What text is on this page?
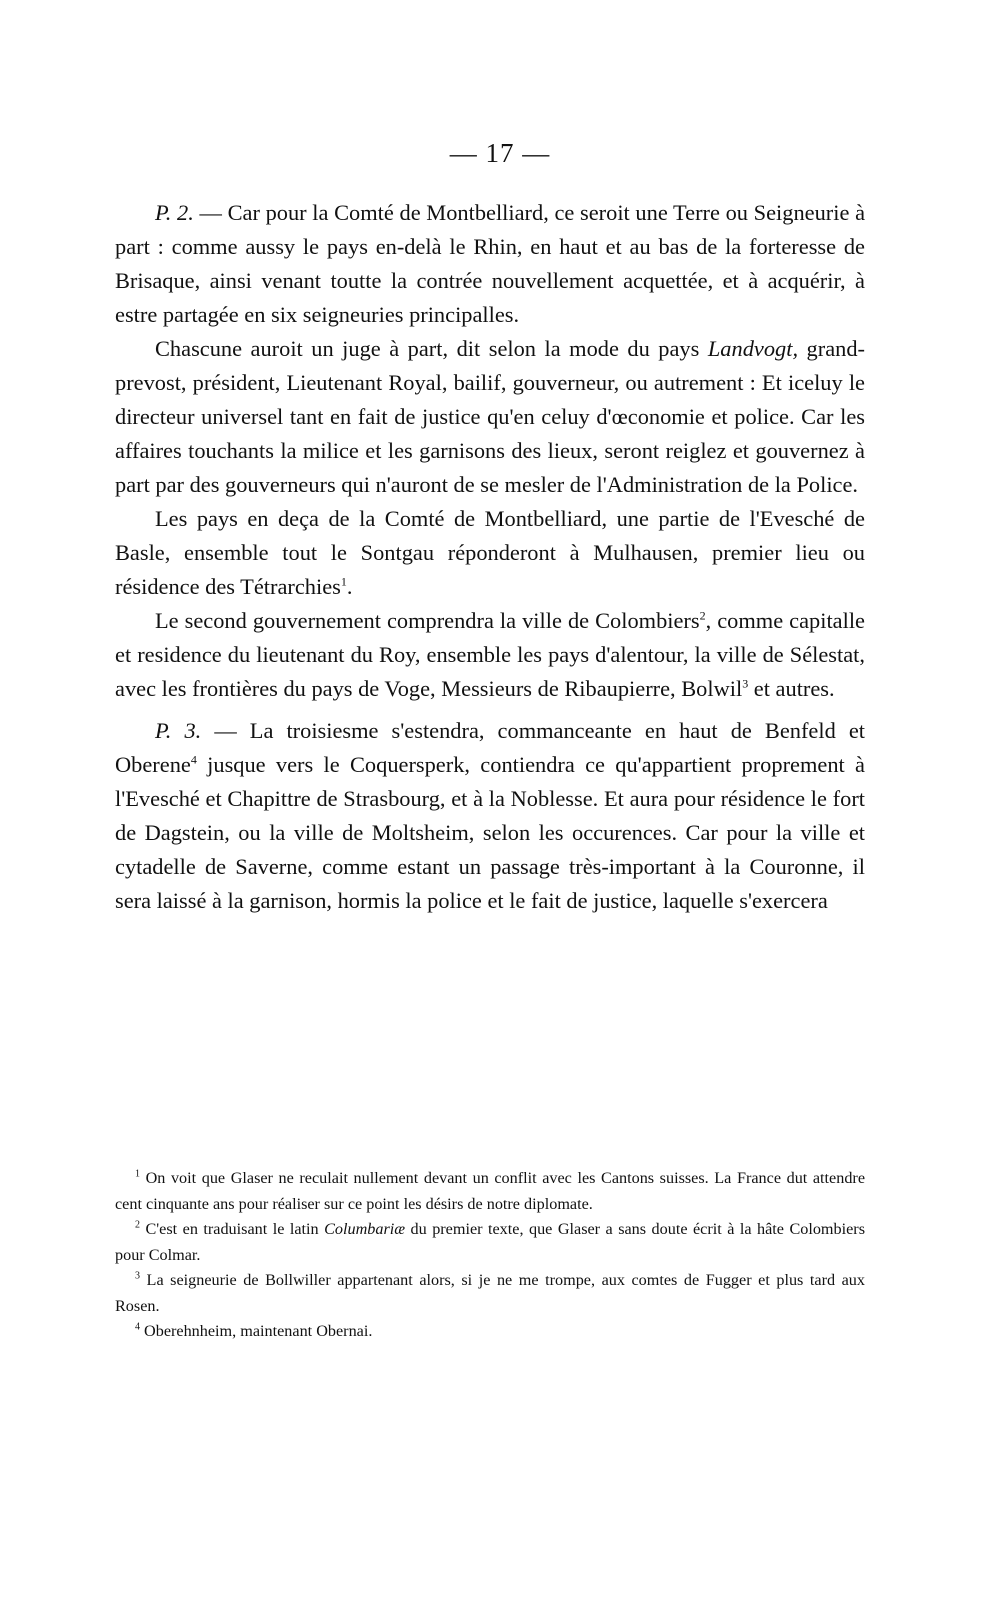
— 17 —

P. 2. — Car pour la Comté de Montbelliard, ce seroit une Terre ou Seigneurie à part : comme aussy le pays en-delà le Rhin, en haut et au bas de la forteresse de Brisaque, ainsi venant toutte la contrée nouvellement acquettée, et à acquérir, à estre partagée en six seigneuries principalles.

Chascune auroit un juge à part, dit selon la mode du pays Landvogt, grand-prevost, président, Lieutenant Royal, bailif, gouverneur, ou autrement : Et iceluy le directeur universel tant en fait de justice qu'en celuy d'œconomie et police. Car les affaires touchants la milice et les garnisons des lieux, seront reiglez et gouvernez à part par des gouverneurs qui n'auront de se mesler de l'Administration de la Police.

Les pays en deça de la Comté de Montbelliard, une partie de l'Evesché de Basle, ensemble tout le Sontgau réponderont à Mulhausen, premier lieu ou résidence des Tétrarchies$^1$.

Le second gouvernement comprendra la ville de Colombiers$^2$, comme capitalle et residence du lieutenant du Roy, ensemble les pays d'alentour, la ville de Sélestat, avec les frontières du pays de Voge, Messieurs de Ribaupierre, Bolwil$^3$ et autres.

P. 3. — La troisiesme s'estendra, commanceante en haut de Benfeld et Oberene$^4$ jusque vers le Coquersperk, contiendra ce qu'appartient proprement à l'Evesché et Chapittre de Strasbourg, et à la Noblesse. Et aura pour résidence le fort de Dagstein, ou la ville de Moltsheim, selon les occurences. Car pour la ville et cytadelle de Saverne, comme estant un passage très-important à la Couronne, il sera laissé à la garnison, hormis la police et le fait de justice, laquelle s'exercera

$^1$ On voit que Glaser ne reculait nullement devant un conflit avec les Cantons suisses. La France dut attendre cent cinquante ans pour réaliser sur ce point les désirs de notre diplomate.

$^2$ C'est en traduisant le latin Columbariæ du premier texte, que Glaser a sans doute écrit à la hâte Colombiers pour Colmar.

$^3$ La seigneurie de Bollwiller appartenant alors, si je ne me trompe, aux comtes de Fugger et plus tard aux Rosen.

$^4$ Oberehnheim, maintenant Obernai.
